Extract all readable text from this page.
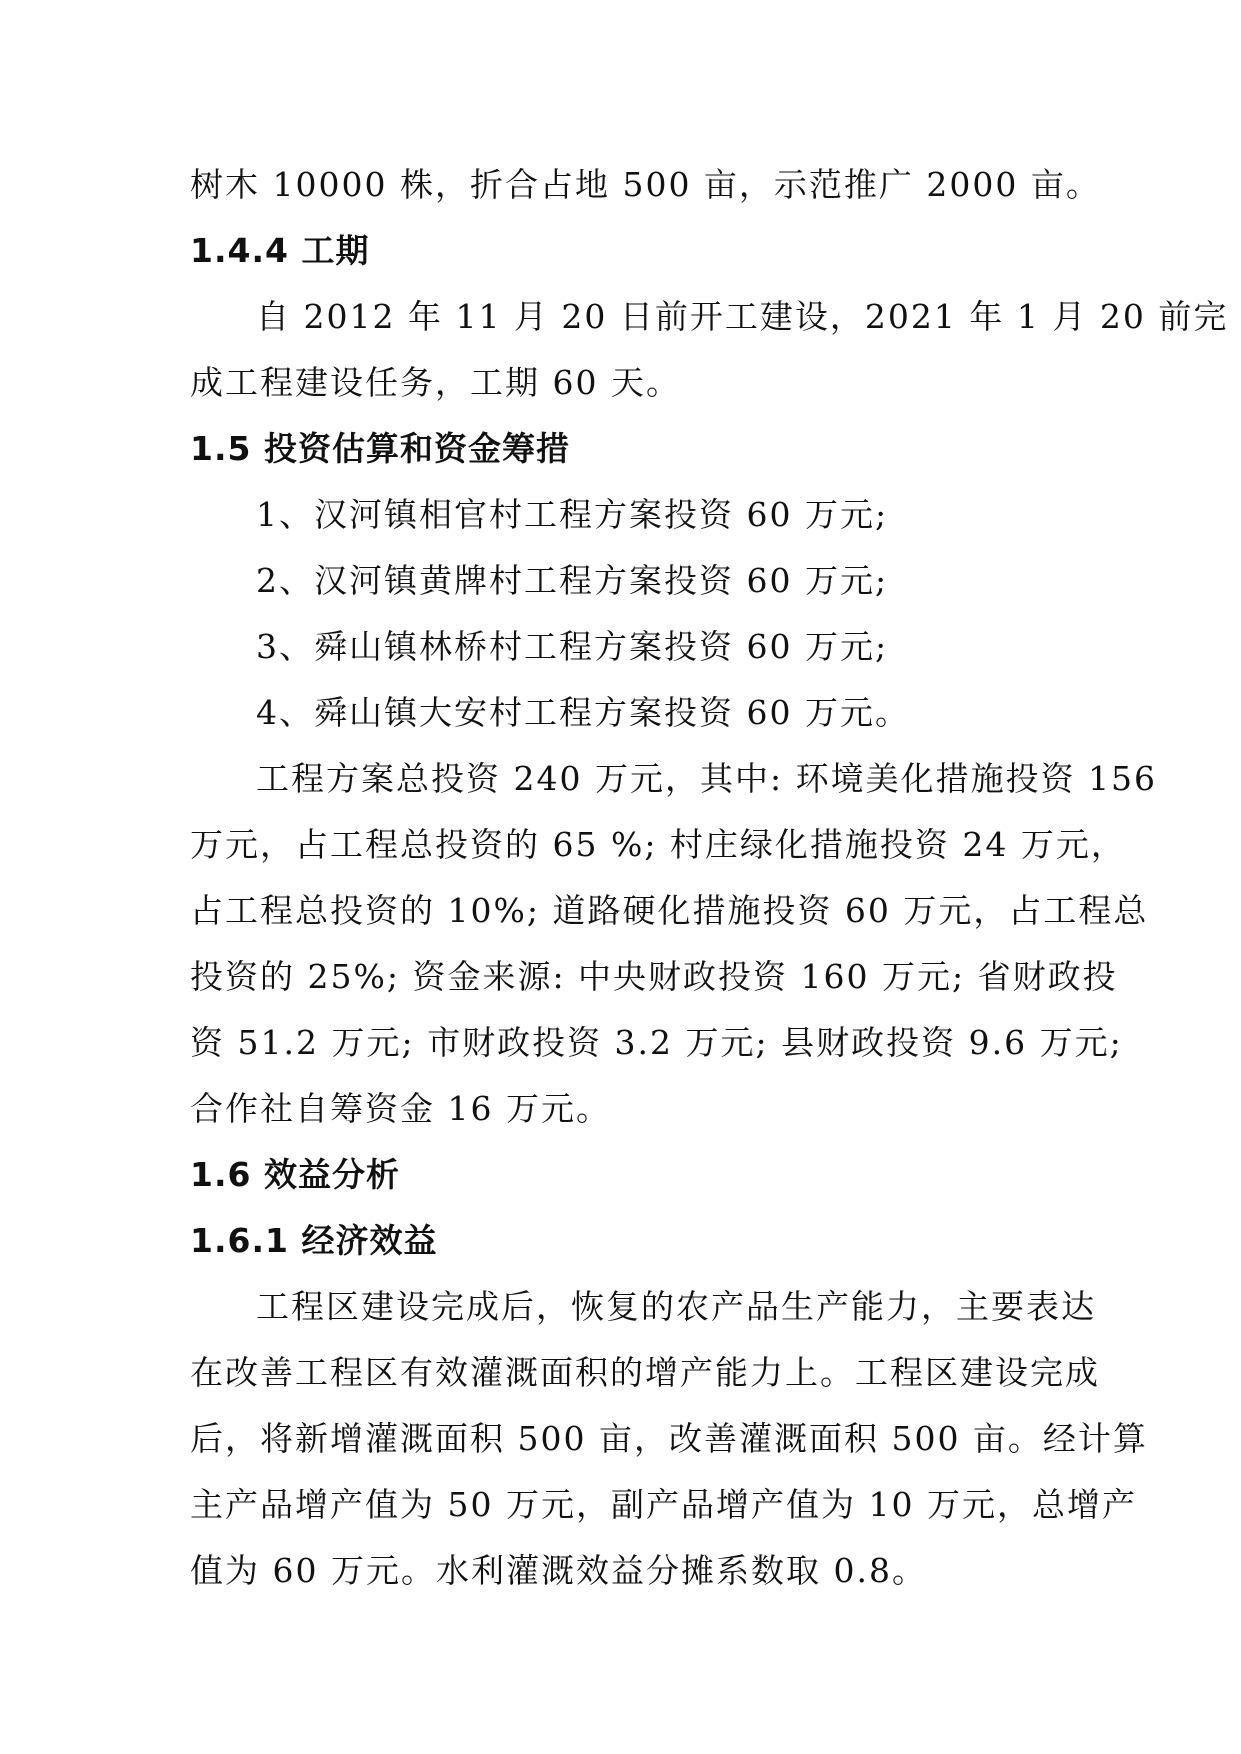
树木 10000 株，折合占地 500 亩，示范推广 2000 亩。
1.4.4 工期
自 2012 年 11 月 20 日前开工建设，2021 年 1 月 20 前完
成工程建设任务，工期 60 天。
1.5 投资估算和资金筹措
1、汉河镇相官村工程方案投资 60 万元;
2、汉河镇黄牌村工程方案投资 60 万元;
3、舜山镇林桥村工程方案投资 60 万元;
4、舜山镇大安村工程方案投资 60 万元。
工程方案总投资 240 万元，其中: 环境美化措施投资 156
万元，占工程总投资的 65 %; 村庄绿化措施投资 24 万元，
占工程总投资的 10%; 道路硬化措施投资 60 万元，占工程总
投资的 25%; 资金来源: 中央财政投资 160 万元; 省财政投
资 51.2 万元; 市财政投资 3.2 万元; 县财政投资 9.6 万元;
合作社自筹资金 16 万元。
1.6 效益分析
1.6.1 经济效益
工程区建设完成后，恢复的农产品生产能力，主要表达
在改善工程区有效灌溉面积的增产能力上。工程区建设完成
后，将新增灌溉面积 500 亩，改善灌溉面积 500 亩。经计算
主产品增产值为 50 万元，副产品增产值为 10 万元，总增产
值为 60 万元。水利灌溉效益分摊系数取 0.8。
